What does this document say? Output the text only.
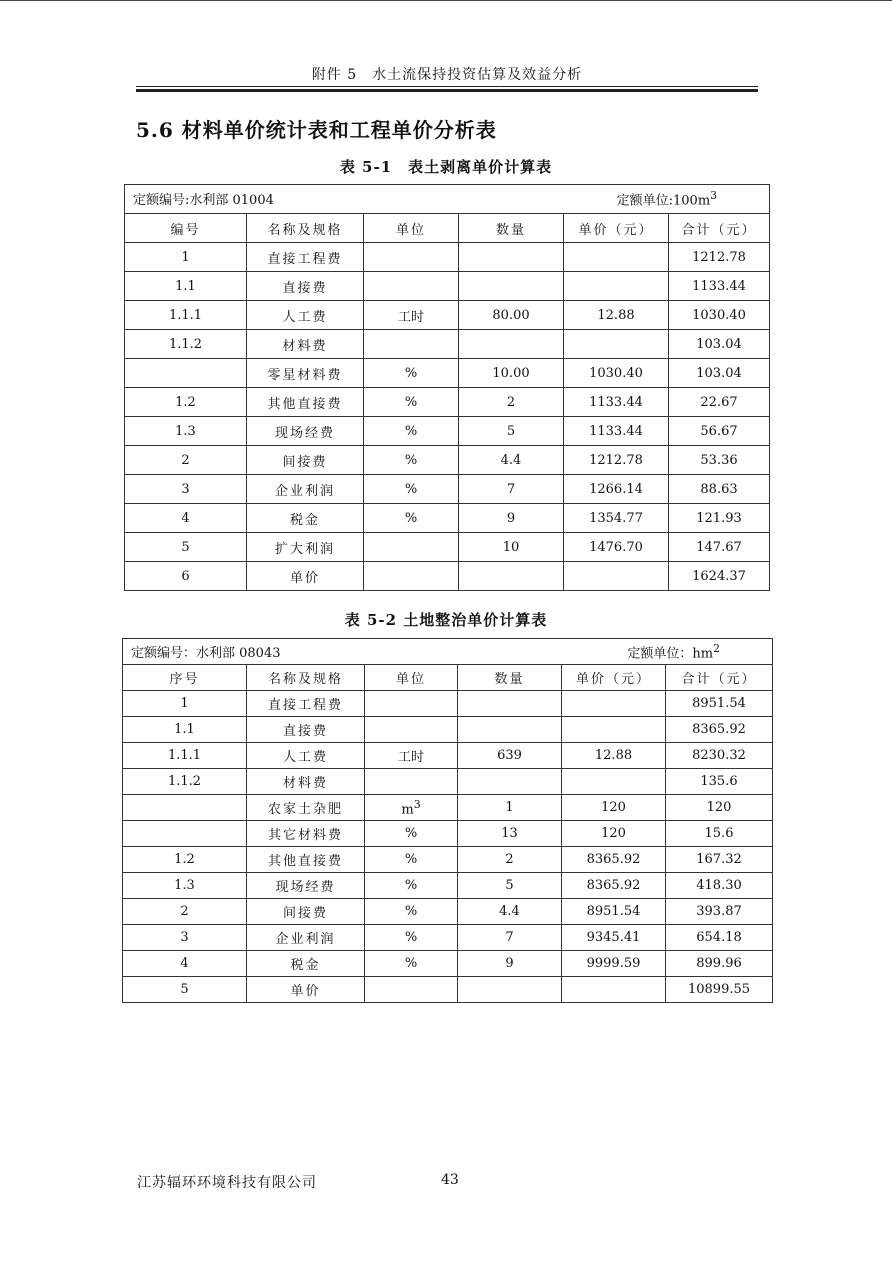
附件 5　水土流保持投资估算及效益分析
5.6 材料单价统计表和工程单价分析表
表 5-1　表土剥离单价计算表
定额编号:水利部 01004 定额单位$:100m^3$

编号	名称及规格	单位	数量	单价（元）	合计（元）
1	直接工程费				1212.78
1.1	直接费				1133.44
1.1.1	人工费	工时	80.00	12.88	1030.40
1.1.2	材料费				103.04
	零星材料费	%	10.00	1030.40	103.04
1.2	其他直接费	%	2	1133.44	22.67
1.3	现场经费	%	5	1133.44	56.67
2	间接费	%	4.4	1212.78	53.36
3	企业利润	%	7	1266.14	88.63
4	税金	%	9	1354.77	121.93
5	扩大利润		10	1476.70	147.67
6	单价				1624.37
表 5-2 土地整治单价计算表
定额编号：水利部 08043 定额单位：$hm^2$

序号	名称及规格	单位	数量	单价（元）	合计（元）
1	直接工程费				8951.54
1.1	直接费				8365.92
1.1.1	人工费	工时	639	12.88	8230.32
1.1.2	材料费				135.6
	农家土杂肥	$m^3$	1	120	120
	其它材料费	%	13	120	15.6
1.2	其他直接费	%	2	8365.92	167.32
1.3	现场经费	%	5	8365.92	418.30
2	间接费	%	4.4	8951.54	393.87
3	企业利润	%	7	9345.41	654.18
4	税金	%	9	9999.59	899.96
5	单价				10899.55
江苏辐环环境科技有限公司	43
